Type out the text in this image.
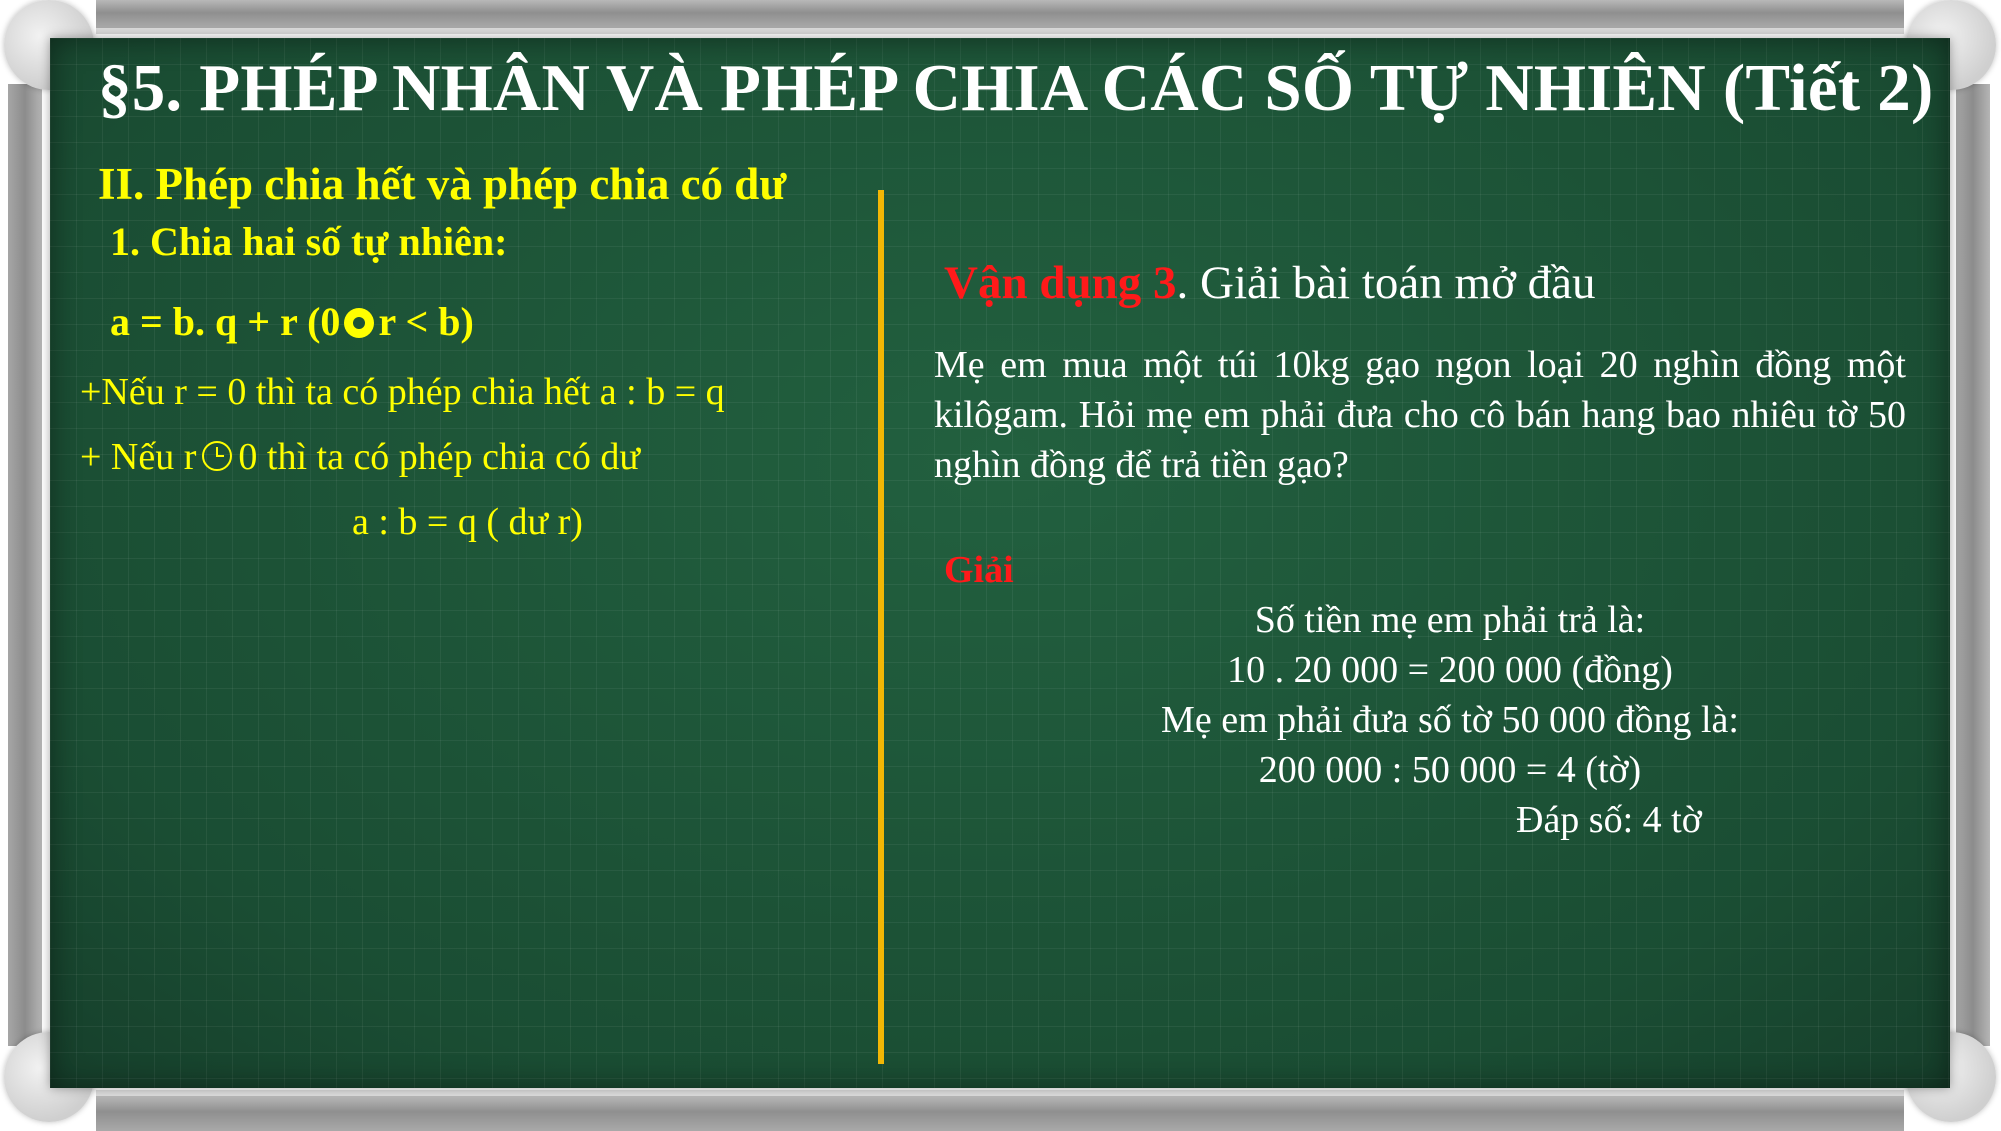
§5. PHÉP NHÂN VÀ PHÉP CHIA CÁC SỐ TỰ NHIÊN (Tiết 2)
II. Phép chia hết và phép chia có dư
1. Chia hai số tự nhiên:
a = b. q + r (0 r < b)
+Nếu r = 0 thì ta có phép chia hết a : b = q
+ Nếu r 0 thì ta có phép chia có dư
a : b = q ( dư r)
Vận dụng 3. Giải bài toán mở đầu
Mẹ em mua một túi 10kg gạo ngon loại 20 nghìn đồng một kilôgam. Hỏi mẹ em phải đưa cho cô bán hang bao nhiêu tờ 50 nghìn đồng để trả tiền gạo?
Giải
Số tiền mẹ em phải trả là:
10 . 20 000 = 200 000 (đồng)
Mẹ em phải đưa số tờ 50 000 đồng là:
200 000 : 50 000 = 4 (tờ)
Đáp số: 4 tờ
